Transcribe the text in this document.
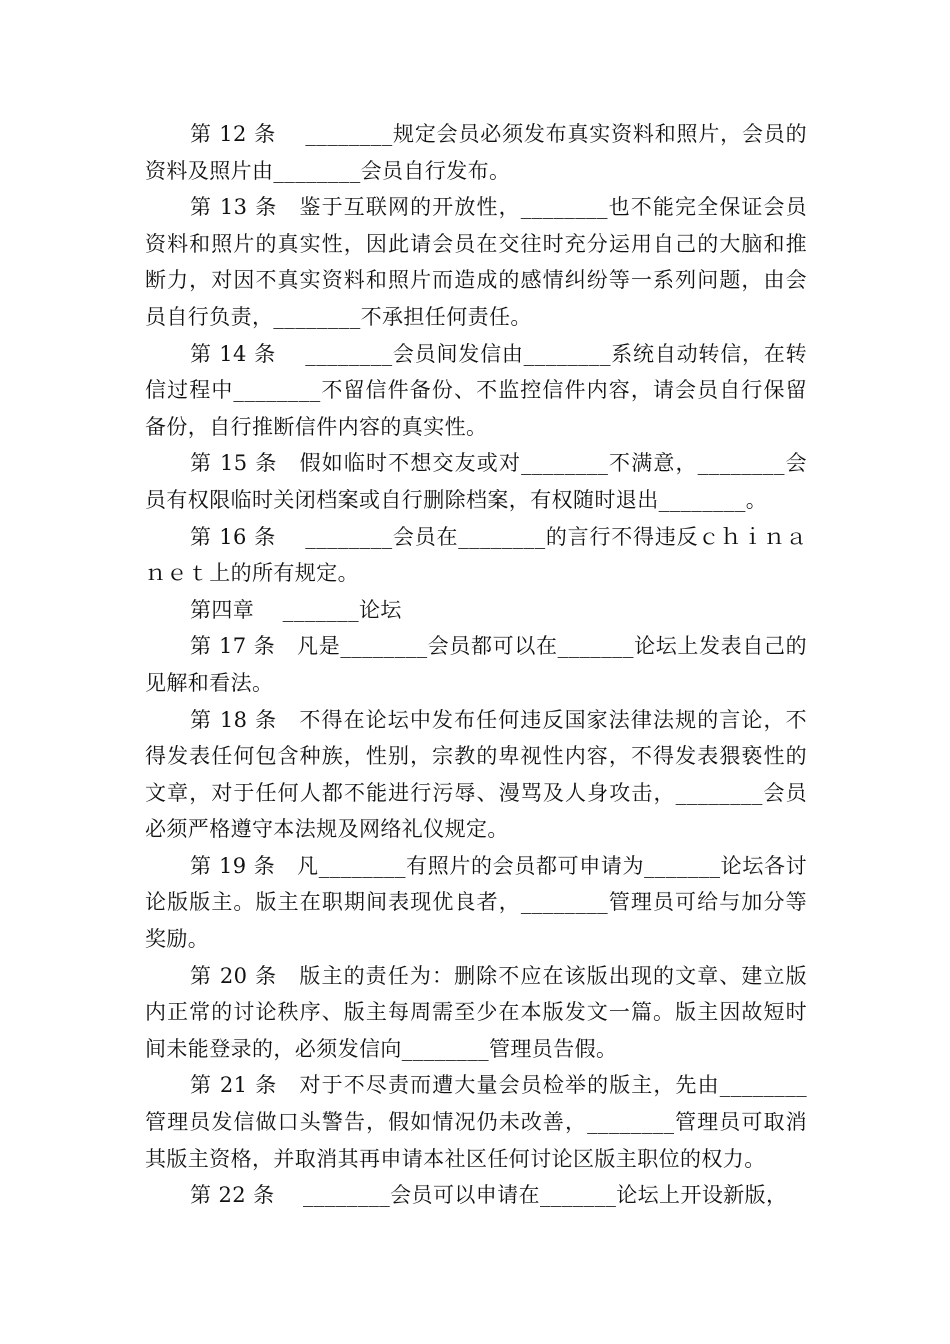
第 12 条　 ________规定会员必须发布真实资料和照片，会员的资料及照片由________会员自行发布。

第 13 条　鉴于互联网的开放性，________也不能完全保证会员资料和照片的真实性，因此请会员在交往时充分运用自己的大脑和推断力，对因不真实资料和照片而造成的感情纠纷等一系列问题，由会员自行负责，________不承担任何责任。

第 14 条　 ________会员间发信由________系统自动转信，在转信过程中________不留信件备份、不监控信件内容，请会员自行保留备份，自行推断信件内容的真实性。

第 15 条　假如临时不想交友或对________不满意，________会员有权限临时关闭档案或自行删除档案，有权随时退出________。

第 16 条　 ________会员在________的言行不得违反ｃｈｉｎａｎｅｔ上的所有规定。

第四章　 _______论坛

第 17 条　凡是________会员都可以在_______论坛上发表自己的见解和看法。

第 18 条　不得在论坛中发布任何违反国家法律法规的言论，不得发表任何包含种族，性别，宗教的卑视性内容，不得发表猥亵性的文章，对于任何人都不能进行污辱、漫骂及人身攻击，________会员必须严格遵守本法规及网络礼仪规定。

第 19 条　凡________有照片的会员都可申请为_______论坛各讨论版版主。版主在职期间表现优良者，________管理员可给与加分等奖励。

第 20 条　版主的责任为：删除不应在该版出现的文章、建立版内正常的讨论秩序、版主每周需至少在本版发文一篇。版主因故短时间未能登录的，必须发信向________管理员告假。

第 21 条　对于不尽责而遭大量会员检举的版主，先由________管理员发信做口头警告，假如情况仍未改善，________管理员可取消其版主资格，并取消其再申请本社区任何讨论区版主职位的权力。

第 22 条　 ________会员可以申请在_______论坛上开设新版，
